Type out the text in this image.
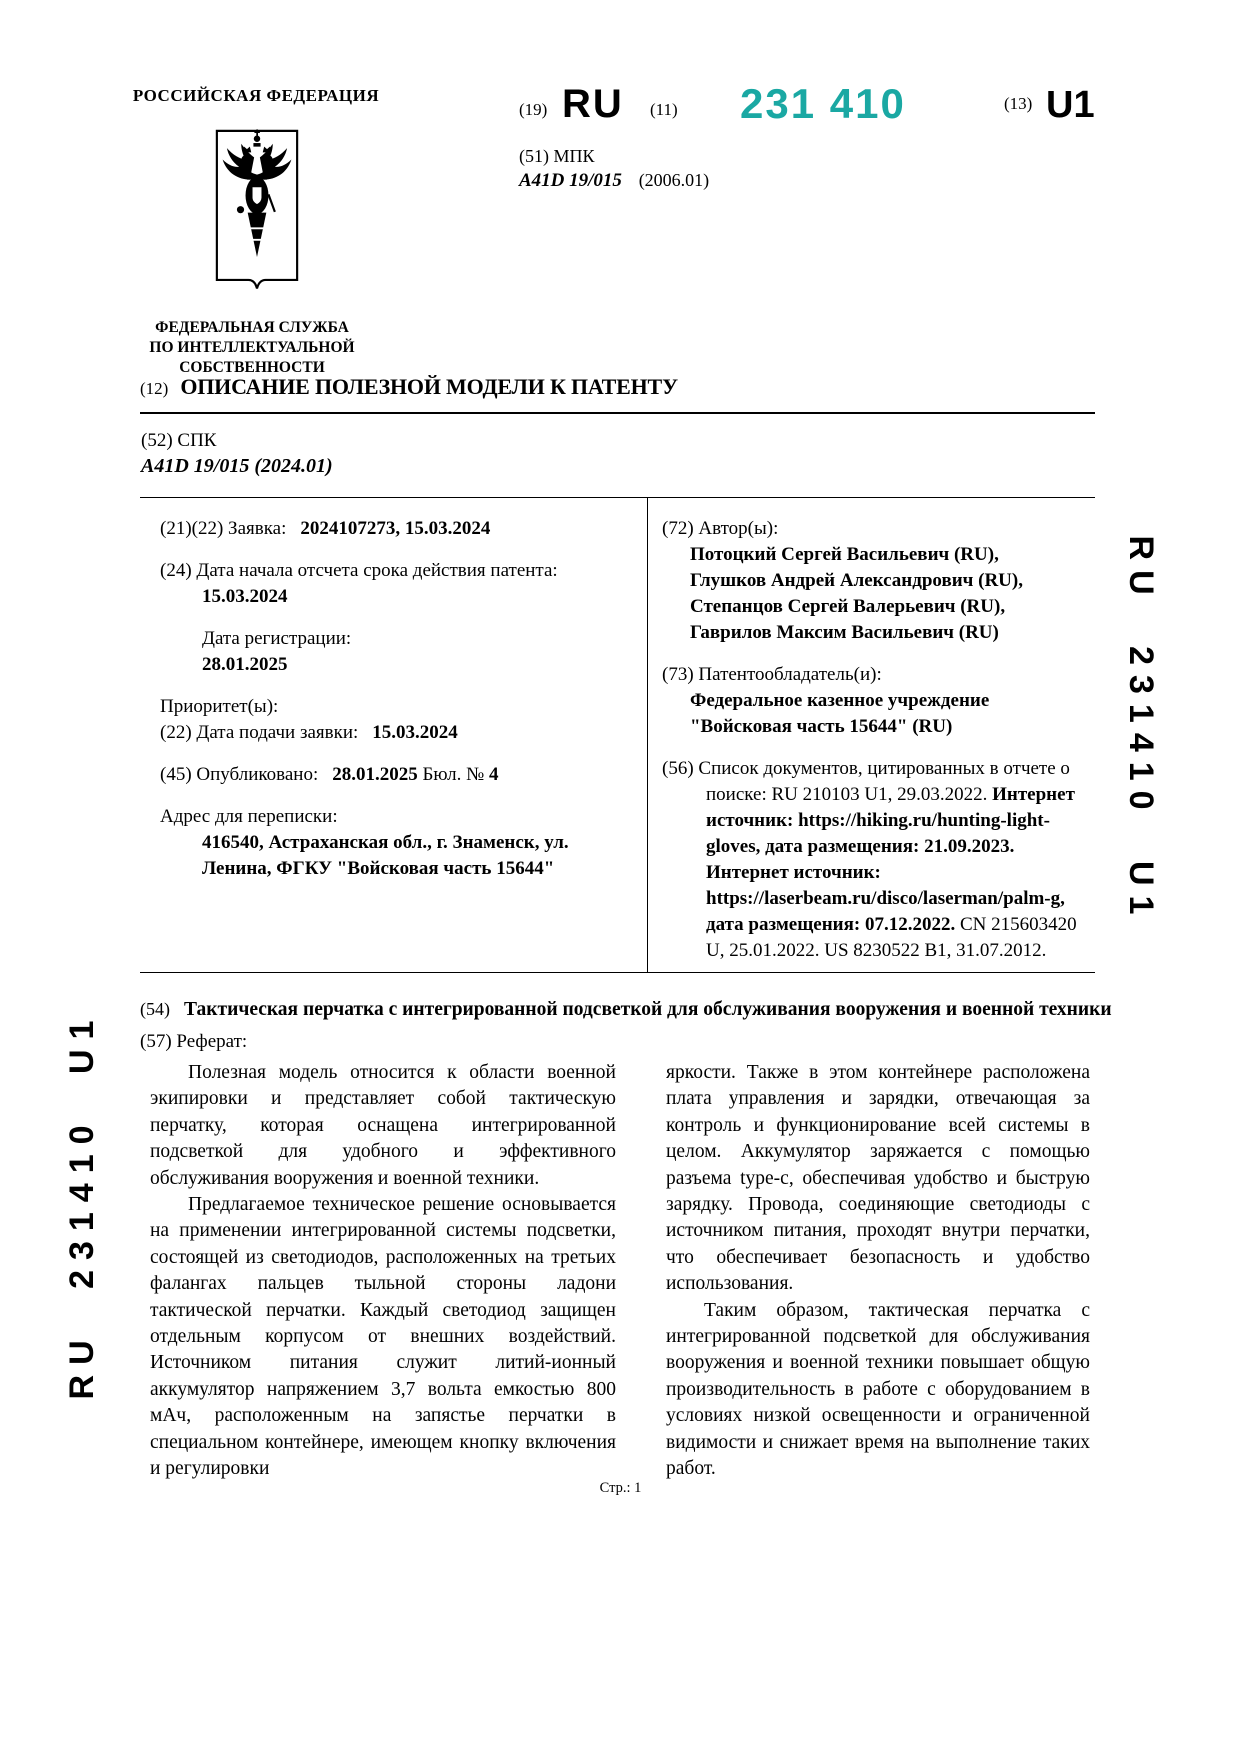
РОССИЙСКАЯ ФЕДЕРАЦИЯ
ФЕДЕРАЛЬНАЯ СЛУЖБА
ПО ИНТЕЛЛЕКТУАЛЬНОЙ СОБСТВЕННОСТИ
(19) RU (11) 231 410	(13) U1
(51) МПК
A41D 19/015 (2006.01)
(12) ОПИСАНИЕ ПОЛЕЗНОЙ МОДЕЛИ К ПАТЕНТУ
(52) СПК
A41D 19/015 (2024.01)
(21)(22) Заявка: 2024107273, 15.03.2024
(24) Дата начала отсчета срока действия патента:
15.03.2024
Дата регистрации:
28.01.2025
Приоритет(ы):
(22) Дата подачи заявки: 15.03.2024
(45) Опубликовано: 28.01.2025 Бюл. № 4
Адрес для переписки:
416540, Астраханская обл., г. Знаменск, ул. Ленина, ФГКУ "Войсковая часть 15644"
(72) Автор(ы):
Потоцкий Сергей Васильевич (RU),
Глушков Андрей Александрович (RU),
Степанцов Сергей Валерьевич (RU),
Гаврилов Максим Васильевич (RU)
(73) Патентообладатель(и):
Федеральное казенное учреждение "Войсковая часть 15644" (RU)
(56) Список документов, цитированных в отчете о поиске: RU 210103 U1, 29.03.2022. Интернет источник: https://hiking.ru/hunting-light-gloves, дата размещения: 21.09.2023. Интернет источник: https://laserbeam.ru/disco/laserman/palm-g, дата размещения: 07.12.2022. CN 215603420 U, 25.01.2022. US 8230522 B1, 31.07.2012.
(54) Тактическая перчатка с интегрированной подсветкой для обслуживания вооружения и военной техники
(57) Реферат:

Полезная модель относится к области военной экипировки и представляет собой тактическую перчатку, которая оснащена интегрированной подсветкой для удобного и эффективного обслуживания вооружения и военной техники.

Предлагаемое техническое решение основывается на применении интегрированной системы подсветки, состоящей из светодиодов, расположенных на третьих фалангах пальцев тыльной стороны ладони тактической перчатки. Каждый светодиод защищен отдельным корпусом от внешних воздействий. Источником питания служит литий-ионный аккумулятор напряжением 3,7 вольта емкостью 800 мАч, расположенным на запястье перчатки в специальном контейнере, имеющем кнопку включения и регулировки

яркости. Также в этом контейнере расположена плата управления и зарядки, отвечающая за контроль и функционирование всей системы в целом. Аккумулятор заряжается с помощью разъема type-c, обеспечивая удобство и быструю зарядку. Провода, соединяющие светодиоды с источником питания, проходят внутри перчатки, что обеспечивает безопасность и удобство использования.

Таким образом, тактическая перчатка с интегрированной подсветкой для обслуживания вооружения и военной техники повышает общую производительность в работе с оборудованием в условиях низкой освещенности и ограниченной видимости и снижает время на выполнение таких работ.

RU 231410 U1
RU 231410 U1
Стр.: 1
